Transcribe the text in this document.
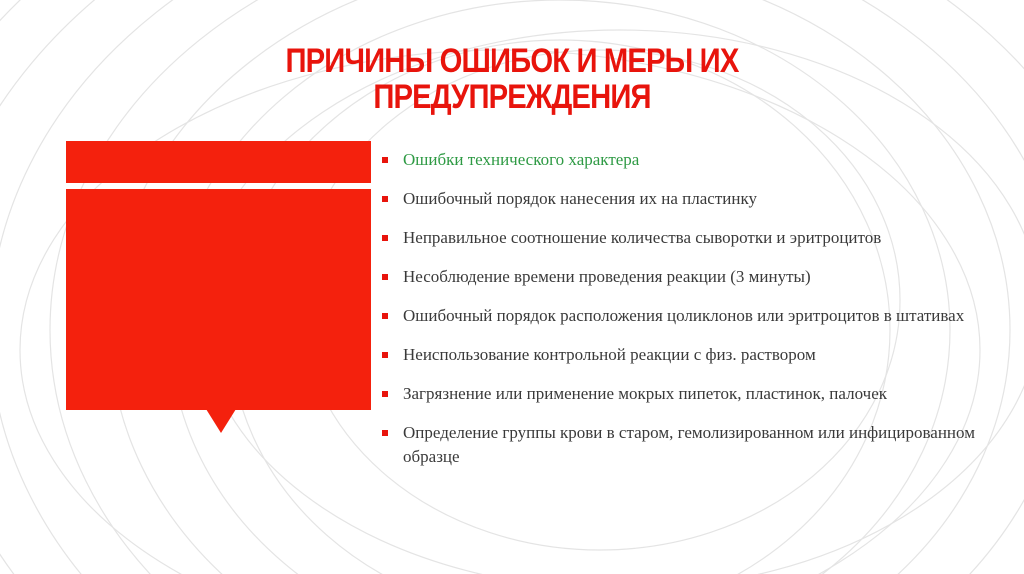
ПРИЧИНЫ ОШИБОК И МЕРЫ ИХ
ПРЕДУПРЕЖДЕНИЯ
Ошибки технического характера
Ошибочный порядок нанесения их на пластинку
Неправильное соотношение количества сыворотки и эритроцитов
Несоблюдение времени проведения реакции (3 минуты)
Ошибочный порядок расположения цоликлонов или эритроцитов в штативах
Неиспользование контрольной реакции с физ. раствором
Загрязнение или применение мокрых пипеток, пластинок, палочек
Определение группы крови в старом, гемолизированном или инфицированном образце
